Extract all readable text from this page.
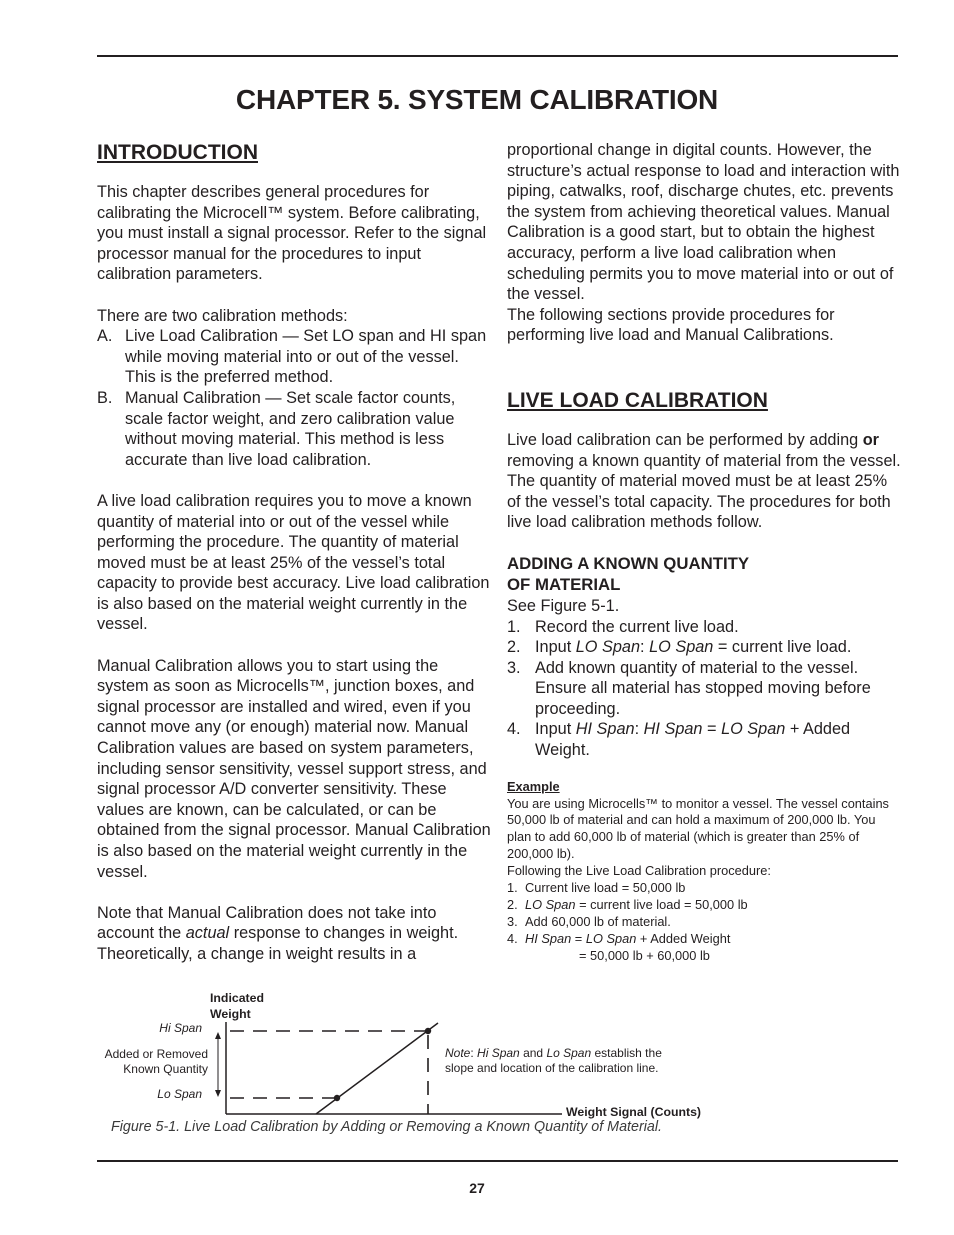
CHAPTER 5. SYSTEM CALIBRATION
INTRODUCTION

This chapter describes general procedures for calibrating the Microcell™ system. Before calibrating, you must install a signal processor. Refer to the signal processor manual for the procedures to input calibration parameters.

There are two calibration methods:

A. Live Load Calibration — Set LO span and HI span while moving material into or out of the vessel. This is the preferred method.
B. Manual Calibration — Set scale factor counts, scale factor weight, and zero calibration value without moving material. This method is less accurate than live load calibration.

A live load calibration requires you to move a known quantity of material into or out of the vessel while performing the procedure. The quantity of material moved must be at least 25% of the vessel’s total capacity to provide best accuracy. Live load calibration is also based on the material weight currently in the vessel.

Manual Calibration allows you to start using the system as soon as Microcells™, junction boxes, and signal processor are installed and wired, even if you cannot move any (or enough) material now. Manual Calibration values are based on system parameters, including sensor sensitivity, vessel support stress, and signal processor A/D converter sensitivity. These values are known, can be calculated, or can be obtained from the signal processor. Manual Calibration is also based on the material weight currently in the vessel.

Note that Manual Calibration does not take into account the actual response to changes in weight. Theoretically, a change in weight results in a

proportional change in digital counts. However, the structure’s actual response to load and interaction with piping, catwalks, roof, discharge chutes, etc. prevents the system from achieving theoretical values. Manual Calibration is a good start, but to obtain the highest accuracy, perform a live load calibration when scheduling permits you to move material into or out of the vessel.

The following sections provide procedures for performing live load and Manual Calibrations.

LIVE LOAD CALIBRATION

Live load calibration can be performed by adding or removing a known quantity of material from the vessel. The quantity of material moved must be at least 25% of the vessel’s total capacity. The procedures for both live load calibration methods follow.

ADDING A KNOWN QUANTITY
OF MATERIAL

See Figure 5-1.

1. Record the current live load.
2. Input LO Span: LO Span = current live load.
3. Add known quantity of material to the vessel. Ensure all material has stopped moving before proceeding.
4. Input HI Span: HI Span = LO Span + Added Weight.
Example

You are using Microcells™ to monitor a vessel. The vessel contains 50,000 lb of material and can hold a maximum of 200,000 lb. You plan to add 60,000 lb of material (which is greater than 25% of 200,000 lb).

Following the Live Load Calibration procedure:

1. Current live load = 50,000 lb
2. LO Span = current live load = 50,000 lb
3. Add 60,000 lb of material.
4. HI Span = LO Span + Added Weight
= 50,000 lb + 60,000 lb
Indicated
Weight
Hi Span
Added or Removed
Known Quantity
Lo Span
Note: Hi Span and Lo Span establish the
slope and location of the calibration line.
Weight Signal (Counts)
Figure 5-1. Live Load Calibration by Adding or Removing a Known Quantity of Material.
27
